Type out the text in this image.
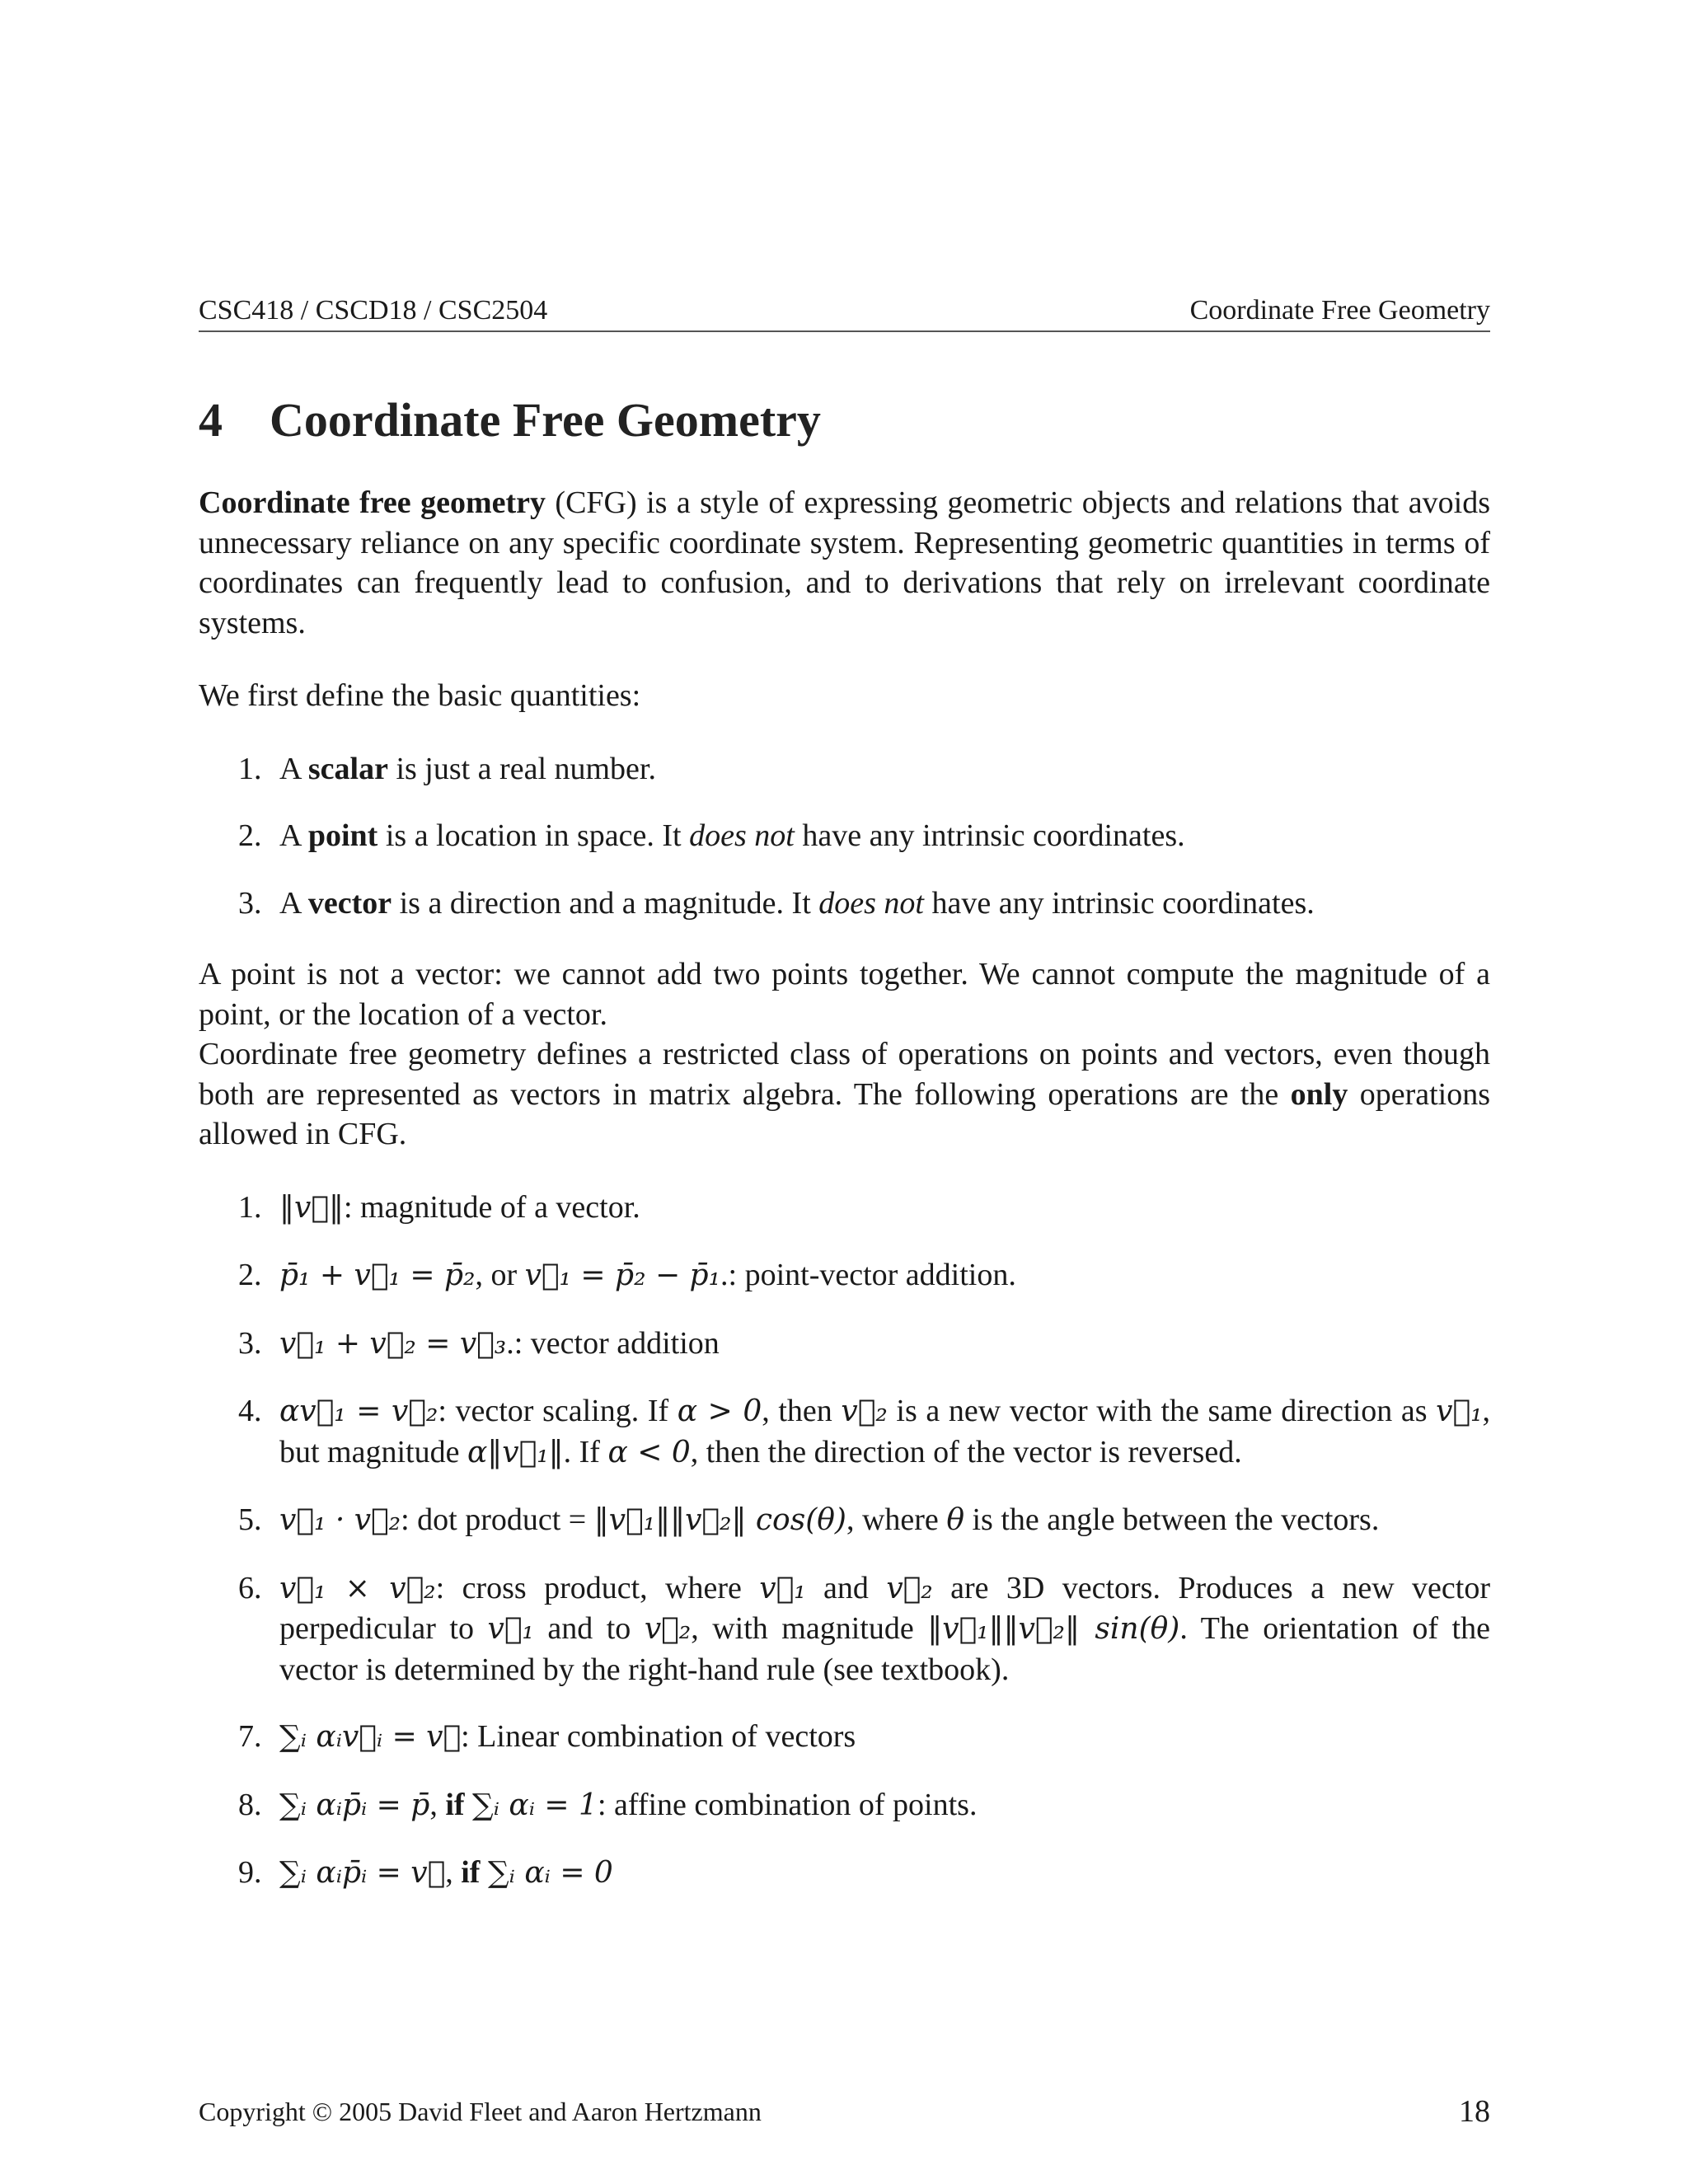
CSC418 / CSCD18 / CSC2504	Coordinate Free Geometry
4 Coordinate Free Geometry

Coordinate free geometry (CFG) is a style of expressing geometric objects and relations that avoids unnecessary reliance on any specific coordinate system. Representing geometric quantities in terms of coordinates can frequently lead to confusion, and to derivations that rely on irrelevant coordinate systems.

We first define the basic quantities:

1. A scalar is just a real number.
2. A point is a location in space. It does not have any intrinsic coordinates.
3. A vector is a direction and a magnitude. It does not have any intrinsic coordinates.

A point is not a vector: we cannot add two points together. We cannot compute the magnitude of a point, or the location of a vector.

Coordinate free geometry defines a restricted class of operations on points and vectors, even though both are represented as vectors in matrix algebra. The following operations are the only operations allowed in CFG.

1. ‖v⃗‖: magnitude of a vector.
2. p̄₁ + v⃗₁ = p̄₂, or v⃗₁ = p̄₂ − p̄₁.: point-vector addition.
3. v⃗₁ + v⃗₂ = v⃗₃.: vector addition
4. αv⃗₁ = v⃗₂: vector scaling. If α > 0, then v⃗₂ is a new vector with the same direction as v⃗₁, but magnitude α‖v⃗₁‖. If α < 0, then the direction of the vector is reversed.
5. v⃗₁ · v⃗₂: dot product = ‖v⃗₁‖‖v⃗₂‖ cos(θ), where θ is the angle between the vectors.
6. v⃗₁ × v⃗₂: cross product, where v⃗₁ and v⃗₂ are 3D vectors. Produces a new vector perpedicular to v⃗₁ and to v⃗₂, with magnitude ‖v⃗₁‖‖v⃗₂‖ sin(θ). The orientation of the vector is determined by the right-hand rule (see textbook).
7. ∑ᵢ αᵢv⃗ᵢ = v⃗: Linear combination of vectors
8. ∑ᵢ αᵢp̄ᵢ = p̄, if ∑ᵢ αᵢ = 1: affine combination of points.
9. ∑ᵢ αᵢp̄ᵢ = v⃗, if ∑ᵢ αᵢ = 0
Copyright © 2005 David Fleet and Aaron Hertzmann	18
